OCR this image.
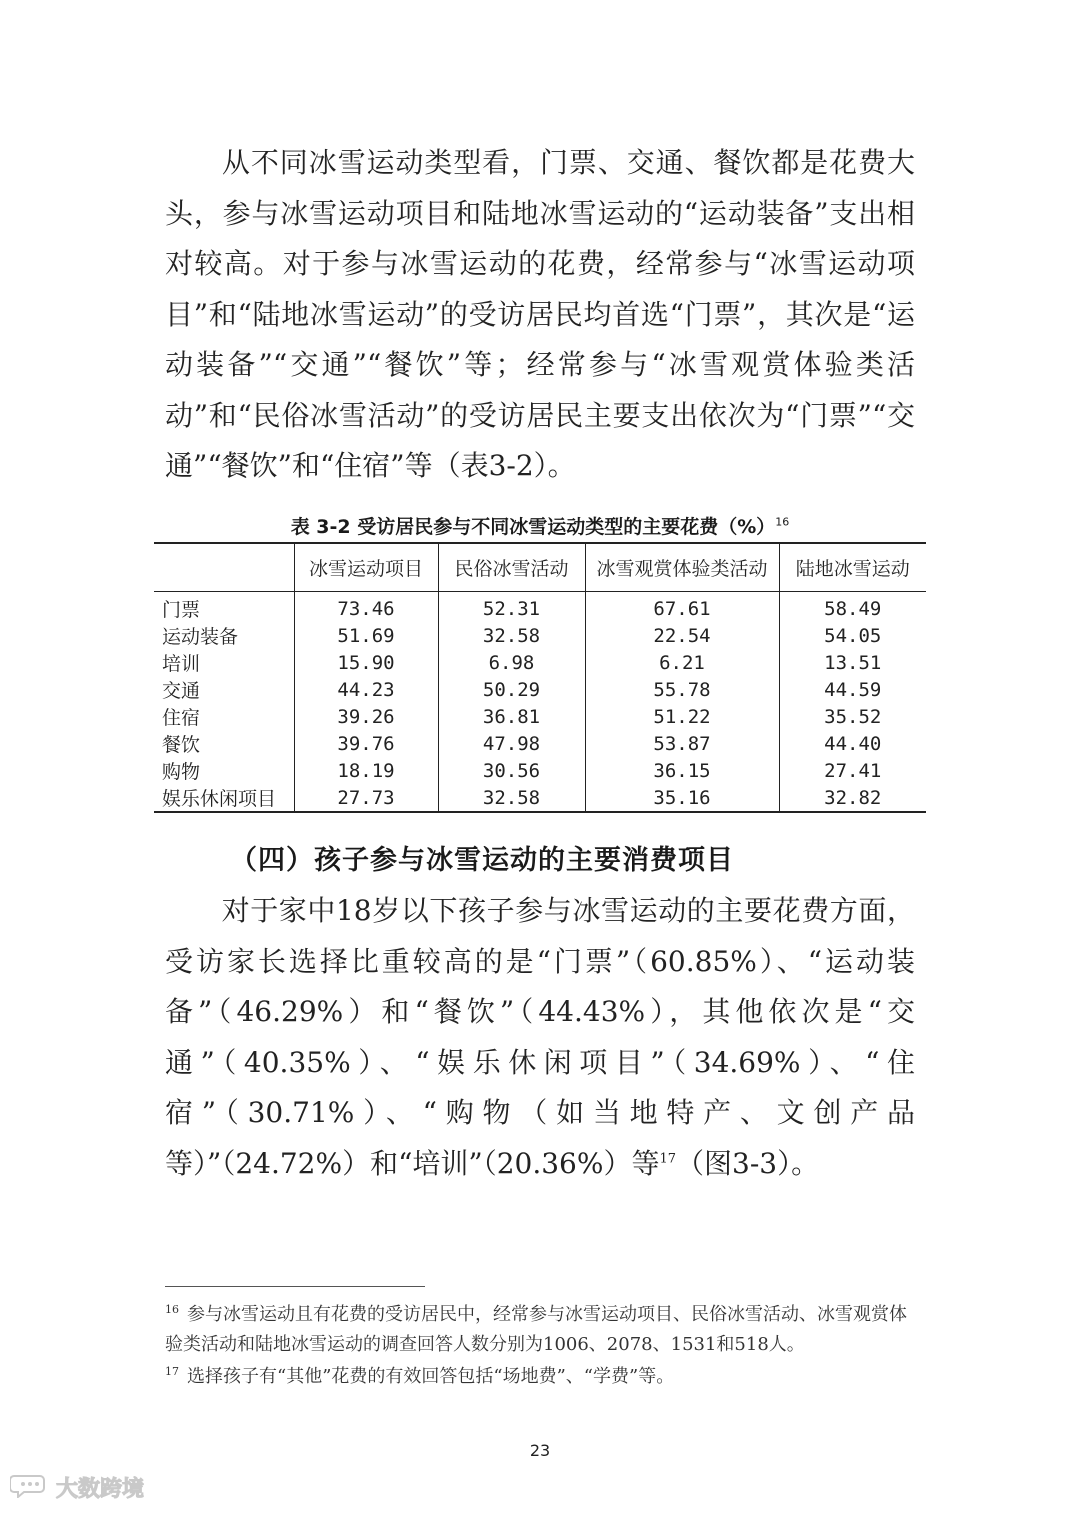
从不同冰雪运动类型看，门票、交通、餐饮都是花费大头，参与冰雪运动项目和陆地冰雪运动的“运动装备”支出相对较高。对于参与冰雪运动的花费，经常参与“冰雪运动项目”和“陆地冰雪运动”的受访居民均首选“门票”，其次是“运动装备”“交通”“餐饮”等；经常参与“冰雪观赏体验类活动”和“民俗冰雪活动”的受访居民主要支出依次为“门票”“交通”“餐饮”和“住宿”等（表3-2）。

表 3-2 受访居民参与不同冰雪运动类型的主要花费（%）$^{16}$
	冰雪运动项目	民俗冰雪活动	冰雪观赏体验类活动	陆地冰雪运动
门票	73.46	52.31	67.61	58.49
运动装备	51.69	32.58	22.54	54.05
培训	15.90	6.98	6.21	13.51
交通	44.23	50.29	55.78	44.59
住宿	39.26	36.81	51.22	35.52
餐饮	39.76	47.98	53.87	44.40
购物	18.19	30.56	36.15	27.41
娱乐休闲项目	27.73	32.58	35.16	32.82
（四）孩子参与冰雪运动的主要消费项目

对于家中18岁以下孩子参与冰雪运动的主要花费方面，受访家长选择比重较高的是“门票”（60.85%）、“运动装备”（46.29%）和“餐饮”（44.43%），其他依次是“交通”（40.35%）、“娱乐休闲项目”（34.69%）、“住宿”（30.71%）、“购物（如当地特产、文创产品等）”（24.72%）和“培训”（20.36%）等$^{17}$（图3-3）。

$^{16}$ 参与冰雪运动且有花费的受访居民中，经常参与冰雪运动项目、民俗冰雪活动、冰雪观赏体验类活动和陆地冰雪运动的调查回答人数分别为1006、2078、1531和518人。

$^{17}$ 选择孩子有“其他”花费的有效回答包括“场地费”、“学费”等。

23
大数跨境
